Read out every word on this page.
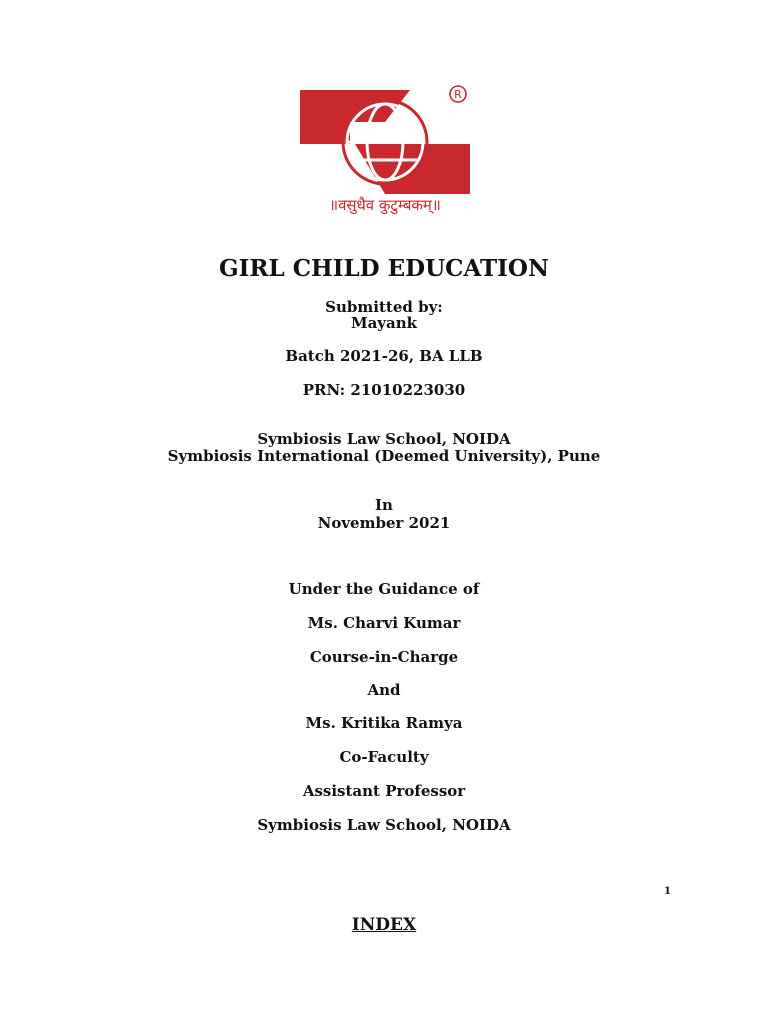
R
॥वसुधैव कुटुम्बकम्॥
GIRL CHILD EDUCATION
Submitted by:
Mayank
Batch 2021-26, BA LLB
PRN: 21010223030
Symbiosis Law School, NOIDA
Symbiosis International (Deemed University), Pune
In
November 2021
Under the Guidance of
Ms. Charvi Kumar
Course-in-Charge
And
Ms. Kritika Ramya
Co-Faculty
Assistant Professor
Symbiosis Law School, NOIDA
1
INDEX
